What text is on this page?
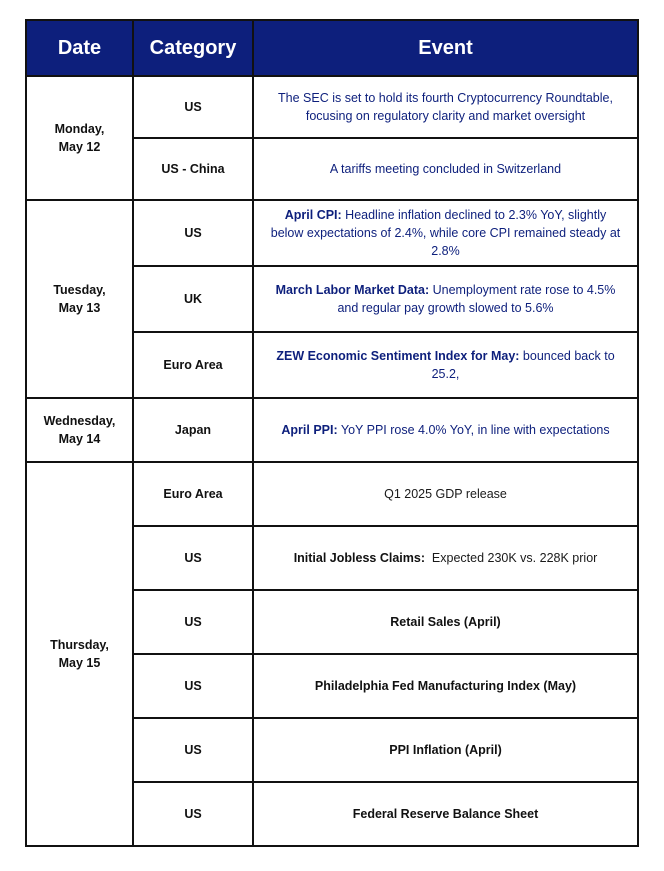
Date	Category	Event

Monday,
May 12	US	The SEC is set to hold its fourth Cryptocurrency Roundtable, focusing on regulatory clarity and market oversight
	US - China	A tariffs meeting concluded in Switzerland

Tuesday,
May 13	US	April CPI: Headline inflation declined to 2.3% YoY, slightly below expectations of 2.4%, while core CPI remained steady at 2.8%
	UK	March Labor Market Data: Unemployment rate rose to 4.5% and regular pay growth slowed to 5.6%
	Euro Area	ZEW Economic Sentiment Index for May: bounced back to 25.2,

Wednesday,
May 14	Japan	April PPI: YoY PPI rose 4.0% YoY, in line with expectations

Thursday,
May 15	Euro Area	Q1 2025 GDP release
	US	Initial Jobless Claims:  Expected 230K vs. 228K prior
	US	Retail Sales (April)
	US	Philadelphia Fed Manufacturing Index (May)
	US	PPI Inflation (April)
	US	Federal Reserve Balance Sheet
